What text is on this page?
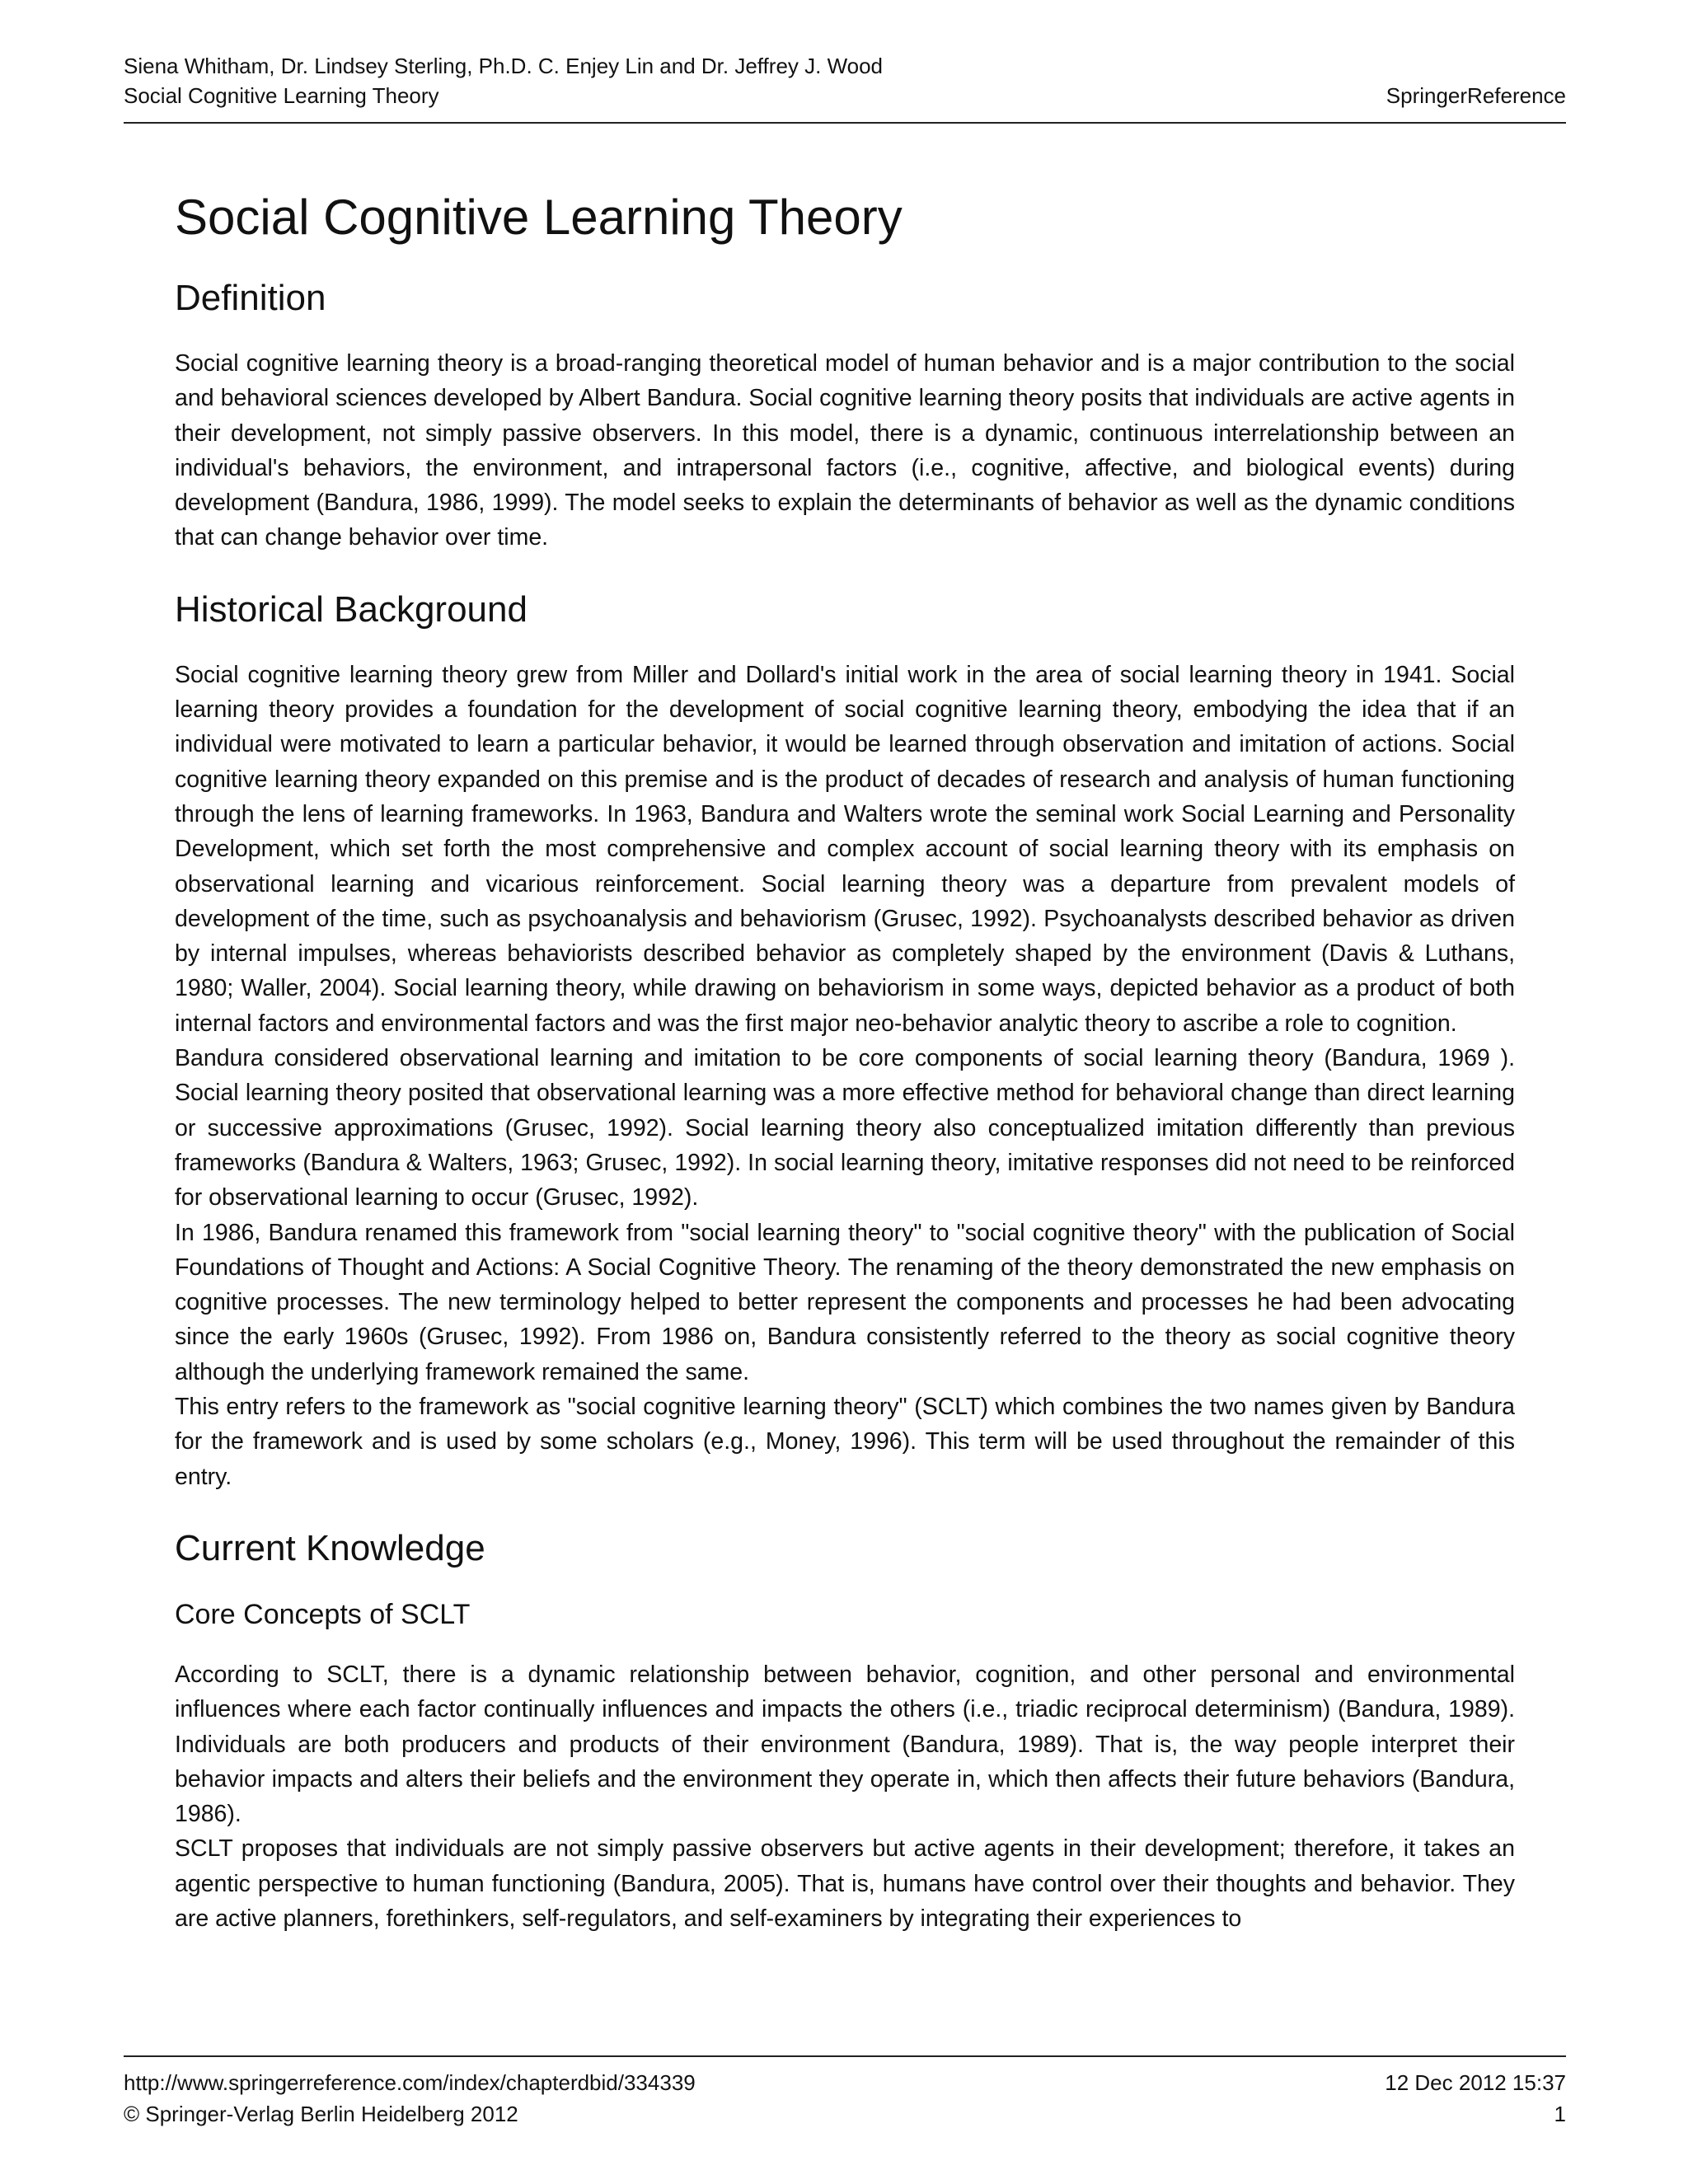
Siena Whitham, Dr. Lindsey Sterling, Ph.D. C. Enjey Lin and Dr. Jeffrey J. Wood
Social Cognitive Learning Theory	SpringerReference
Social Cognitive Learning Theory
Definition

Social cognitive learning theory is a broad-ranging theoretical model of human behavior and is a major contribution to the social and behavioral sciences developed by Albert Bandura. Social cognitive learning theory posits that individuals are active agents in their development, not simply passive observers. In this model, there is a dynamic, continuous interrelationship between an individual's behaviors, the environment, and intrapersonal factors (i.e., cognitive, affective, and biological events) during development (Bandura, 1986, 1999). The model seeks to explain the determinants of behavior as well as the dynamic conditions that can change behavior over time.

Historical Background

Social cognitive learning theory grew from Miller and Dollard's initial work in the area of social learning theory in 1941. Social learning theory provides a foundation for the development of social cognitive learning theory, embodying the idea that if an individual were motivated to learn a particular behavior, it would be learned through observation and imitation of actions. Social cognitive learning theory expanded on this premise and is the product of decades of research and analysis of human functioning through the lens of learning frameworks. In 1963, Bandura and Walters wrote the seminal work Social Learning and Personality Development, which set forth the most comprehensive and complex account of social learning theory with its emphasis on observational learning and vicarious reinforcement. Social learning theory was a departure from prevalent models of development of the time, such as psychoanalysis and behaviorism (Grusec, 1992). Psychoanalysts described behavior as driven by internal impulses, whereas behaviorists described behavior as completely shaped by the environment (Davis & Luthans, 1980; Waller, 2004). Social learning theory, while drawing on behaviorism in some ways, depicted behavior as a product of both internal factors and environmental factors and was the first major neo-behavior analytic theory to ascribe a role to cognition.

Bandura considered observational learning and imitation to be core components of social learning theory (Bandura, 1969 ). Social learning theory posited that observational learning was a more effective method for behavioral change than direct learning or successive approximations (Grusec, 1992). Social learning theory also conceptualized imitation differently than previous frameworks (Bandura & Walters, 1963; Grusec, 1992). In social learning theory, imitative responses did not need to be reinforced for observational learning to occur (Grusec, 1992).

In 1986, Bandura renamed this framework from "social learning theory" to "social cognitive theory" with the publication of Social Foundations of Thought and Actions: A Social Cognitive Theory. The renaming of the theory demonstrated the new emphasis on cognitive processes. The new terminology helped to better represent the components and processes he had been advocating since the early 1960s (Grusec, 1992). From 1986 on, Bandura consistently referred to the theory as social cognitive theory although the underlying framework remained the same.

This entry refers to the framework as "social cognitive learning theory" (SCLT) which combines the two names given by Bandura for the framework and is used by some scholars (e.g., Money, 1996). This term will be used throughout the remainder of this entry.

Current Knowledge
Core Concepts of SCLT

According to SCLT, there is a dynamic relationship between behavior, cognition, and other personal and environmental influences where each factor continually influences and impacts the others (i.e., triadic reciprocal determinism) (Bandura, 1989). Individuals are both producers and products of their environment (Bandura, 1989). That is, the way people interpret their behavior impacts and alters their beliefs and the environment they operate in, which then affects their future behaviors (Bandura, 1986).

SCLT proposes that individuals are not simply passive observers but active agents in their development; therefore, it takes an agentic perspective to human functioning (Bandura, 2005). That is, humans have control over their thoughts and behavior. They are active planners, forethinkers, self-regulators, and self-examiners by integrating their experiences to

http://www.springerreference.com/index/chapterdbid/334339	12 Dec 2012 15:37
© Springer-Verlag Berlin Heidelberg 2012	1
